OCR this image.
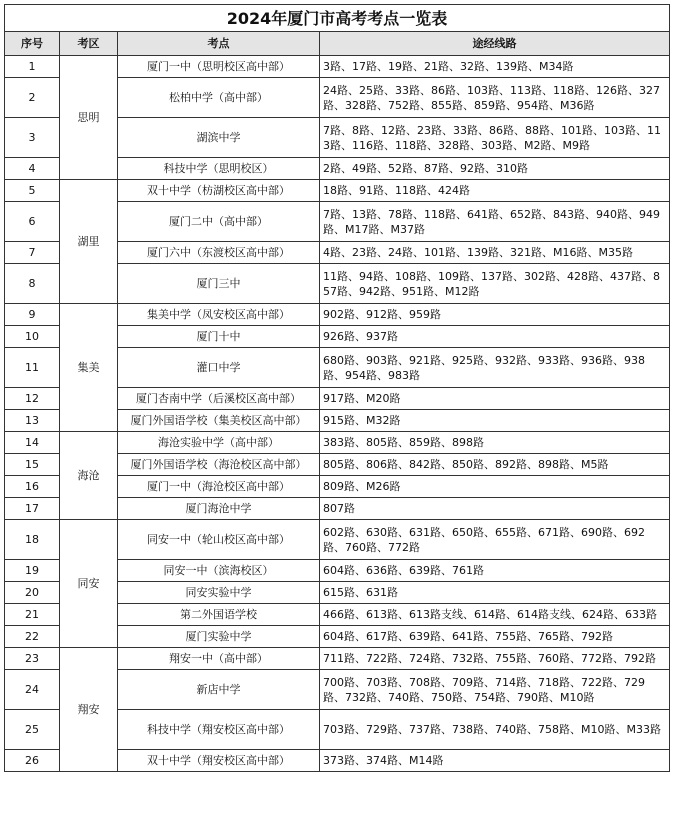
2024年厦门市高考考点一览表			
序号	考区	考点	途经线路
1	思明	厦门一中（思明校区高中部）	3路、17路、19路、21路、32路、139路、M34路
2		松柏中学（高中部）	24路、25路、33路、86路、103路、113路、118路、126路、327路、328路、752路、855路、859路、954路、M36路
3		湖滨中学	7路、8路、12路、23路、33路、86路、88路、101路、103路、113路、116路、118路、328路、303路、M2路、M9路
4		科技中学（思明校区）	2路、49路、52路、87路、92路、310路
5	湖里	双十中学（枋湖校区高中部）	18路、91路、118路、424路
6		厦门二中（高中部）	7路、13路、78路、118路、641路、652路、843路、940路、949路、M17路、M37路
7		厦门六中（东渡校区高中部）	4路、23路、24路、101路、139路、321路、M16路、M35路
8		厦门三中	11路、94路、108路、109路、137路、302路、428路、437路、857路、942路、951路、M12路
9	集美	集美中学（凤安校区高中部）	902路、912路、959路
10		厦门十中	926路、937路
11		灌口中学	680路、903路、921路、925路、932路、933路、936路、938路、954路、983路
12		厦门杏南中学（后溪校区高中部）	917路、M20路
13		厦门外国语学校（集美校区高中部）	915路、M32路
14	海沧	海沧实验中学（高中部）	383路、805路、859路、898路
15		厦门外国语学校（海沧校区高中部）	805路、806路、842路、850路、892路、898路、M5路
16		厦门一中（海沧校区高中部）	809路、M26路
17		厦门海沧中学	807路
18	同安	同安一中（轮山校区高中部）	602路、630路、631路、650路、655路、671路、690路、692路、760路、772路
19		同安一中（滨海校区）	604路、636路、639路、761路
20		同安实验中学	615路、631路
21		第二外国语学校	466路、613路、613路支线、614路、614路支线、624路、633路
22		厦门实验中学	604路、617路、639路、641路、755路、765路、792路
23	翔安	翔安一中（高中部）	711路、722路、724路、732路、755路、760路、772路、792路
24		新店中学	700路、703路、708路、709路、714路、718路、722路、729路、732路、740路、750路、754路、790路、M10路
25		科技中学（翔安校区高中部）	703路、729路、737路、738路、740路、758路、M10路、M33路
26		双十中学（翔安校区高中部）	373路、374路、M14路
